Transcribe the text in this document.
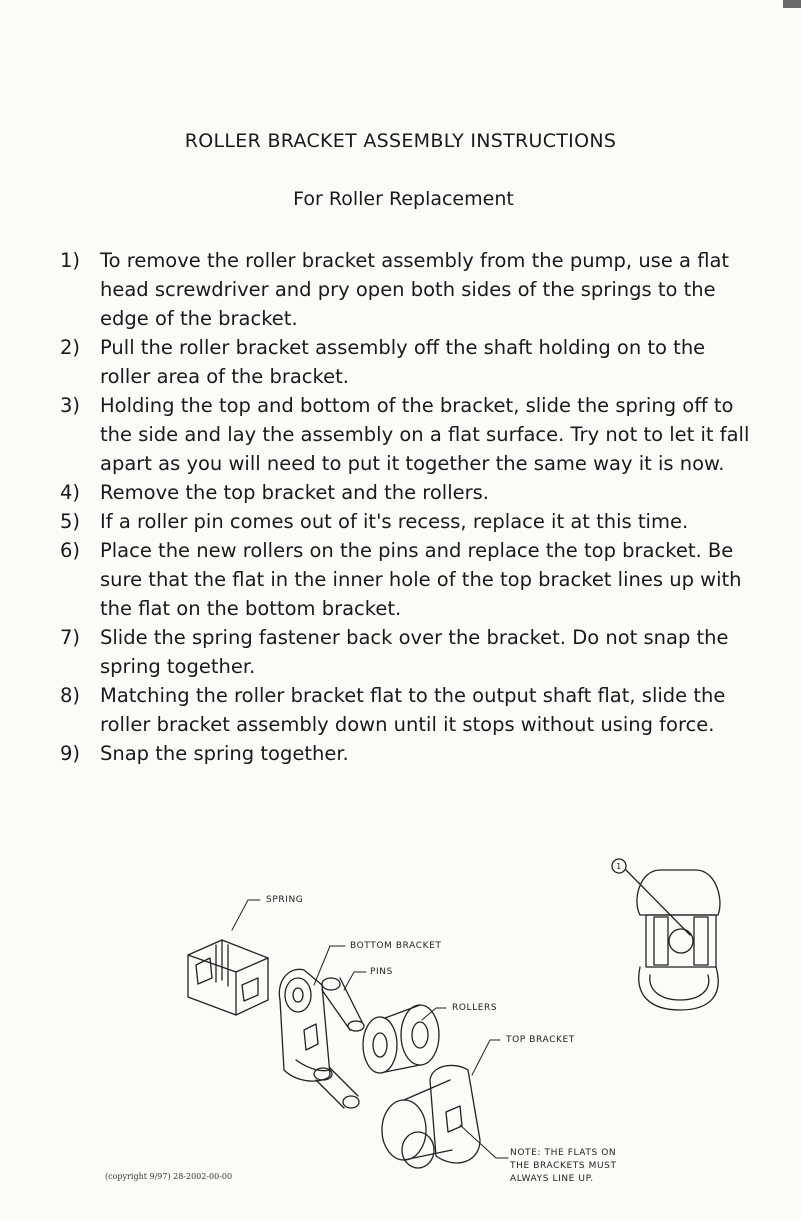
ROLLER BRACKET ASSEMBLY INSTRUCTIONS
For Roller Replacement
1) To remove the roller bracket assembly from the pump, use a flat head screwdriver and pry open both sides of the springs to the edge of the bracket.
2) Pull the roller bracket assembly off the shaft holding on to the roller area of the bracket.
3) Holding the top and bottom of the bracket, slide the spring off to the side and lay the assembly on a flat surface. Try not to let it fall apart as you will need to put it together the same way it is now.
4) Remove the top bracket and the rollers.
5) If a roller pin comes out of it's recess, replace it at this time.
6) Place the new rollers on the pins and replace the top bracket. Be sure that the flat in the inner hole of the top bracket lines up with the flat on the bottom bracket.
7) Slide the spring fastener back over the bracket. Do not snap the spring together.
8) Matching the roller bracket flat to the output shaft flat, slide the roller bracket assembly down until it stops without using force.
9) Snap the spring together.
SPRING
BOTTOM BRACKET
PINS
ROLLERS
TOP BRACKET
1
NOTE: THE FLATS ON
THE BRACKETS MUST
ALWAYS LINE UP.
(copyright 9/97) 28-2002-00-00
